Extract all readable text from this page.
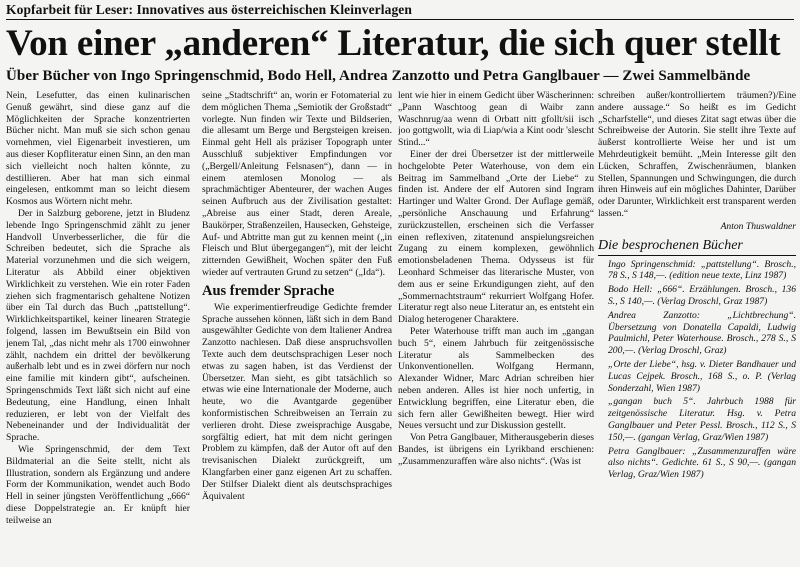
Kopfarbeit für Leser: Innovatives aus österreichischen Kleinverlagen
Von einer „anderen“ Literatur, die sich quer stellt
Über Bücher von Ingo Springenschmid, Bodo Hell, Andrea Zanzotto und Petra Ganglbauer — Zwei Sammelbände

Nein, Lesefutter, das einen kulinarischen Genuß gewährt, sind diese ganz auf die Möglichkeiten der Sprache konzentrierten Bücher nicht. Man muß sie sich schon genau vornehmen, viel Eigenarbeit investieren, um aus dieser Kopfliteratur einen Sinn, an den man sich vielleicht noch halten könnte, zu destillieren. Aber hat man sich einmal eingelesen, entkommt man so leicht diesem Kosmos aus Wörtern nicht mehr.

Der in Salzburg geborene, jetzt in Bludenz lebende Ingo Springenschmid zählt zu jener Handvoll Unverbesserlicher, die für die Schreiben bedeutet, sich die Sprache als Material vorzunehmen und die sich weigern, Literatur als Abbild einer objektiven Wirklichkeit zu verstehen. Wie ein roter Faden ziehen sich fragmentarisch gehaltene Notizen über ein Tal durch das Buch „pattstellung“. Wirklichkeitspartikel, keiner linearen Strategie folgend, lassen im Bewußtsein ein Bild von jenem Tal, „das nicht mehr als 1700 einwohner zählt, nachdem ein drittel der bevölkerung außerhalb lebt und es in zwei dörfern nur noch eine familie mit kindern gibt“, aufscheinen. Springenschmids Text läßt sich nicht auf eine Bedeutung, eine Handlung, einen Inhalt reduzieren, er lebt von der Vielfalt des Nebeneinander und der Individualität der Sprache.

Wie Springenschmid, der dem Text Bildmaterial an die Seite stellt, nicht als Illustration, sondern als Ergänzung und andere Form der Kommunikation, wendet auch Bodo Hell in seiner jüngsten Veröffentlichung „666“ diese Doppelstrategie an. Er knüpft hier teilweise an

seine „Stadtschrift“ an, worin er Fotomaterial zu dem möglichen Thema „Semiotik der Großstadt“ vorlegte. Nun finden wir Texte und Bildserien, die allesamt um Berge und Bergsteigen kreisen. Einmal geht Hell als präziser Topograph unter Ausschluß subjektiver Empfindungen vor („Bergell/Anleitung Felsnasen“), dann — in einem atemlosen Monolog — als sprachmächtiger Abenteurer, der wachen Auges seinen Aufbruch aus der Zivilisation gestaltet: „Abreise aus einer Stadt, deren Areale, Baukörper, Straßenzeilen, Hausecken, Gehsteige, Auf- und Abtritte man gut zu kennen meint („in Fleisch und Blut übergegangen“), mit der leicht zitternden Gewißheit, Wochen später den Fuß wieder auf vertrauten Grund zu setzen“ („Ida“).

Aus fremder Sprache

Wie experimentierfreudige Gedichte fremder Sprache aussehen können, läßt sich in dem Band ausgewählter Gedichte von dem Italiener Andrea Zanzotto nachlesen. Daß diese anspruchsvollen Texte auch dem deutschsprachigen Leser noch etwas zu sagen haben, ist das Verdienst der Übersetzer. Man sieht, es gibt tatsächlich so etwas wie eine Internationale der Moderne, auch heute, wo die Avantgarde gegenüber konformistischen Schreibweisen an Terrain zu verlieren droht. Diese zweisprachige Ausgabe, sorgfältig ediert, hat mit dem nicht geringen Problem zu kämpfen, daß der Autor oft auf den trevisanischen Dialekt zurückgreift, um Klangfarben einer ganz eigenen Art zu schaffen. Der Stilfser Dialekt dient als deutschsprachiges Äquivalent

lent wie hier in einem Gedicht über Wäscherinnen: „Pann Waschtoog gean di Waibr zann Waschnrug/aa wenn di Orbatt nitt gfollt/sii isch joo gottgwollt, wia di Liap/wia a Kint oodr 'slescht Stind...“

Einer der drei Übersetzer ist der mittlerweile hochgelobte Peter Waterhouse, von dem ein Beitrag im Sammelband „Orte der Liebe“ zu finden ist. Andere der elf Autoren sind Ingram Hartinger und Walter Grond. Der Auflage gemäß, „persönliche Anschauung und Erfahrung“ zurückzustellen, erscheinen sich die Verfasser einen reflexiven, zitatenund anspielungsreichen Zugang zu einem komplexen, gewöhnlich emotionsbeladenen Thema. Odysseus ist für Leonhard Schmeiser das literarische Muster, von dem aus er seine Erkundigungen zieht, auf den „Sommernachtstraum“ rekurriert Wolfgang Hofer. Literatur regt also neue Literatur an, es entsteht ein Dialog heterogener Charaktere.

Peter Waterhouse trifft man auch im „gangan buch 5“, einem Jahrbuch für zeitgenössische Literatur als Sammelbecken des Unkonventionellen. Wolfgang Hermann, Alexander Widner, Marc Adrian schreiben hier neben anderen. Alles ist hier noch unfertig, in Entwicklung begriffen, eine Literatur eben, die sich fern aller Gewißheiten bewegt. Hier wird Neues versucht und zur Diskussion gestellt.

Von Petra Ganglbauer, Mitherausgeberin dieses Bandes, ist übrigens ein Lyrikband erschienen: „Zusammenzuraffen wäre also nichts“. (Was ist

schreiben außer/kontrolliertem träumen?)/Eine andere aussage.“ So heißt es im Gedicht „Scharfstelle“, und dieses Zitat sagt etwas über die Schreibweise der Autorin. Sie stellt ihre Texte auf äußerst kontrollierte Weise her und ist um Mehrdeutigkeit bemüht. „Mein Interesse gilt den Lücken, Schraffen, Zwischenräumen, blanken Stellen, Spannungen und Schwingungen, die durch ihren Hinweis auf ein mögliches Dahinter, Darüber oder Darunter, Wirklichkeit erst transparent werden lassen.“

Anton Thuswaldner
Die besprochenen Bücher

Ingo Springenschmid: „pattstellung“. Brosch., 78 S., S 148,—. (edition neue texte, Linz 1987)

Bodo Hell: „666“. Erzählungen. Brosch., 136 S., S 140,—. (Verlag Droschl, Graz 1987)

Andrea Zanzotto: „Lichtbrechung“. Übersetzung von Donatella Capaldi, Ludwig Paulmichl, Peter Waterhouse. Brosch., 278 S., S 200,—. (Verlag Droschl, Graz)

„Orte der Liebe“, hsg. v. Dieter Bandhauer und Lucas Cejpek. Brosch., 168 S., o. P. (Verlag Sonderzahl, Wien 1987)

„gangan buch 5“. Jahrbuch 1988 für zeitgenössische Literatur. Hsg. v. Petra Ganglbauer und Peter Pessl. Brosch., 112 S., S 150,—. (gangan Verlag, Graz/Wien 1987)

Petra Ganglbauer: „Zusammenzuraffen wäre also nichts“. Gedichte. 61 S., S 90,—. (gangan Verlag, Graz/Wien 1987)
